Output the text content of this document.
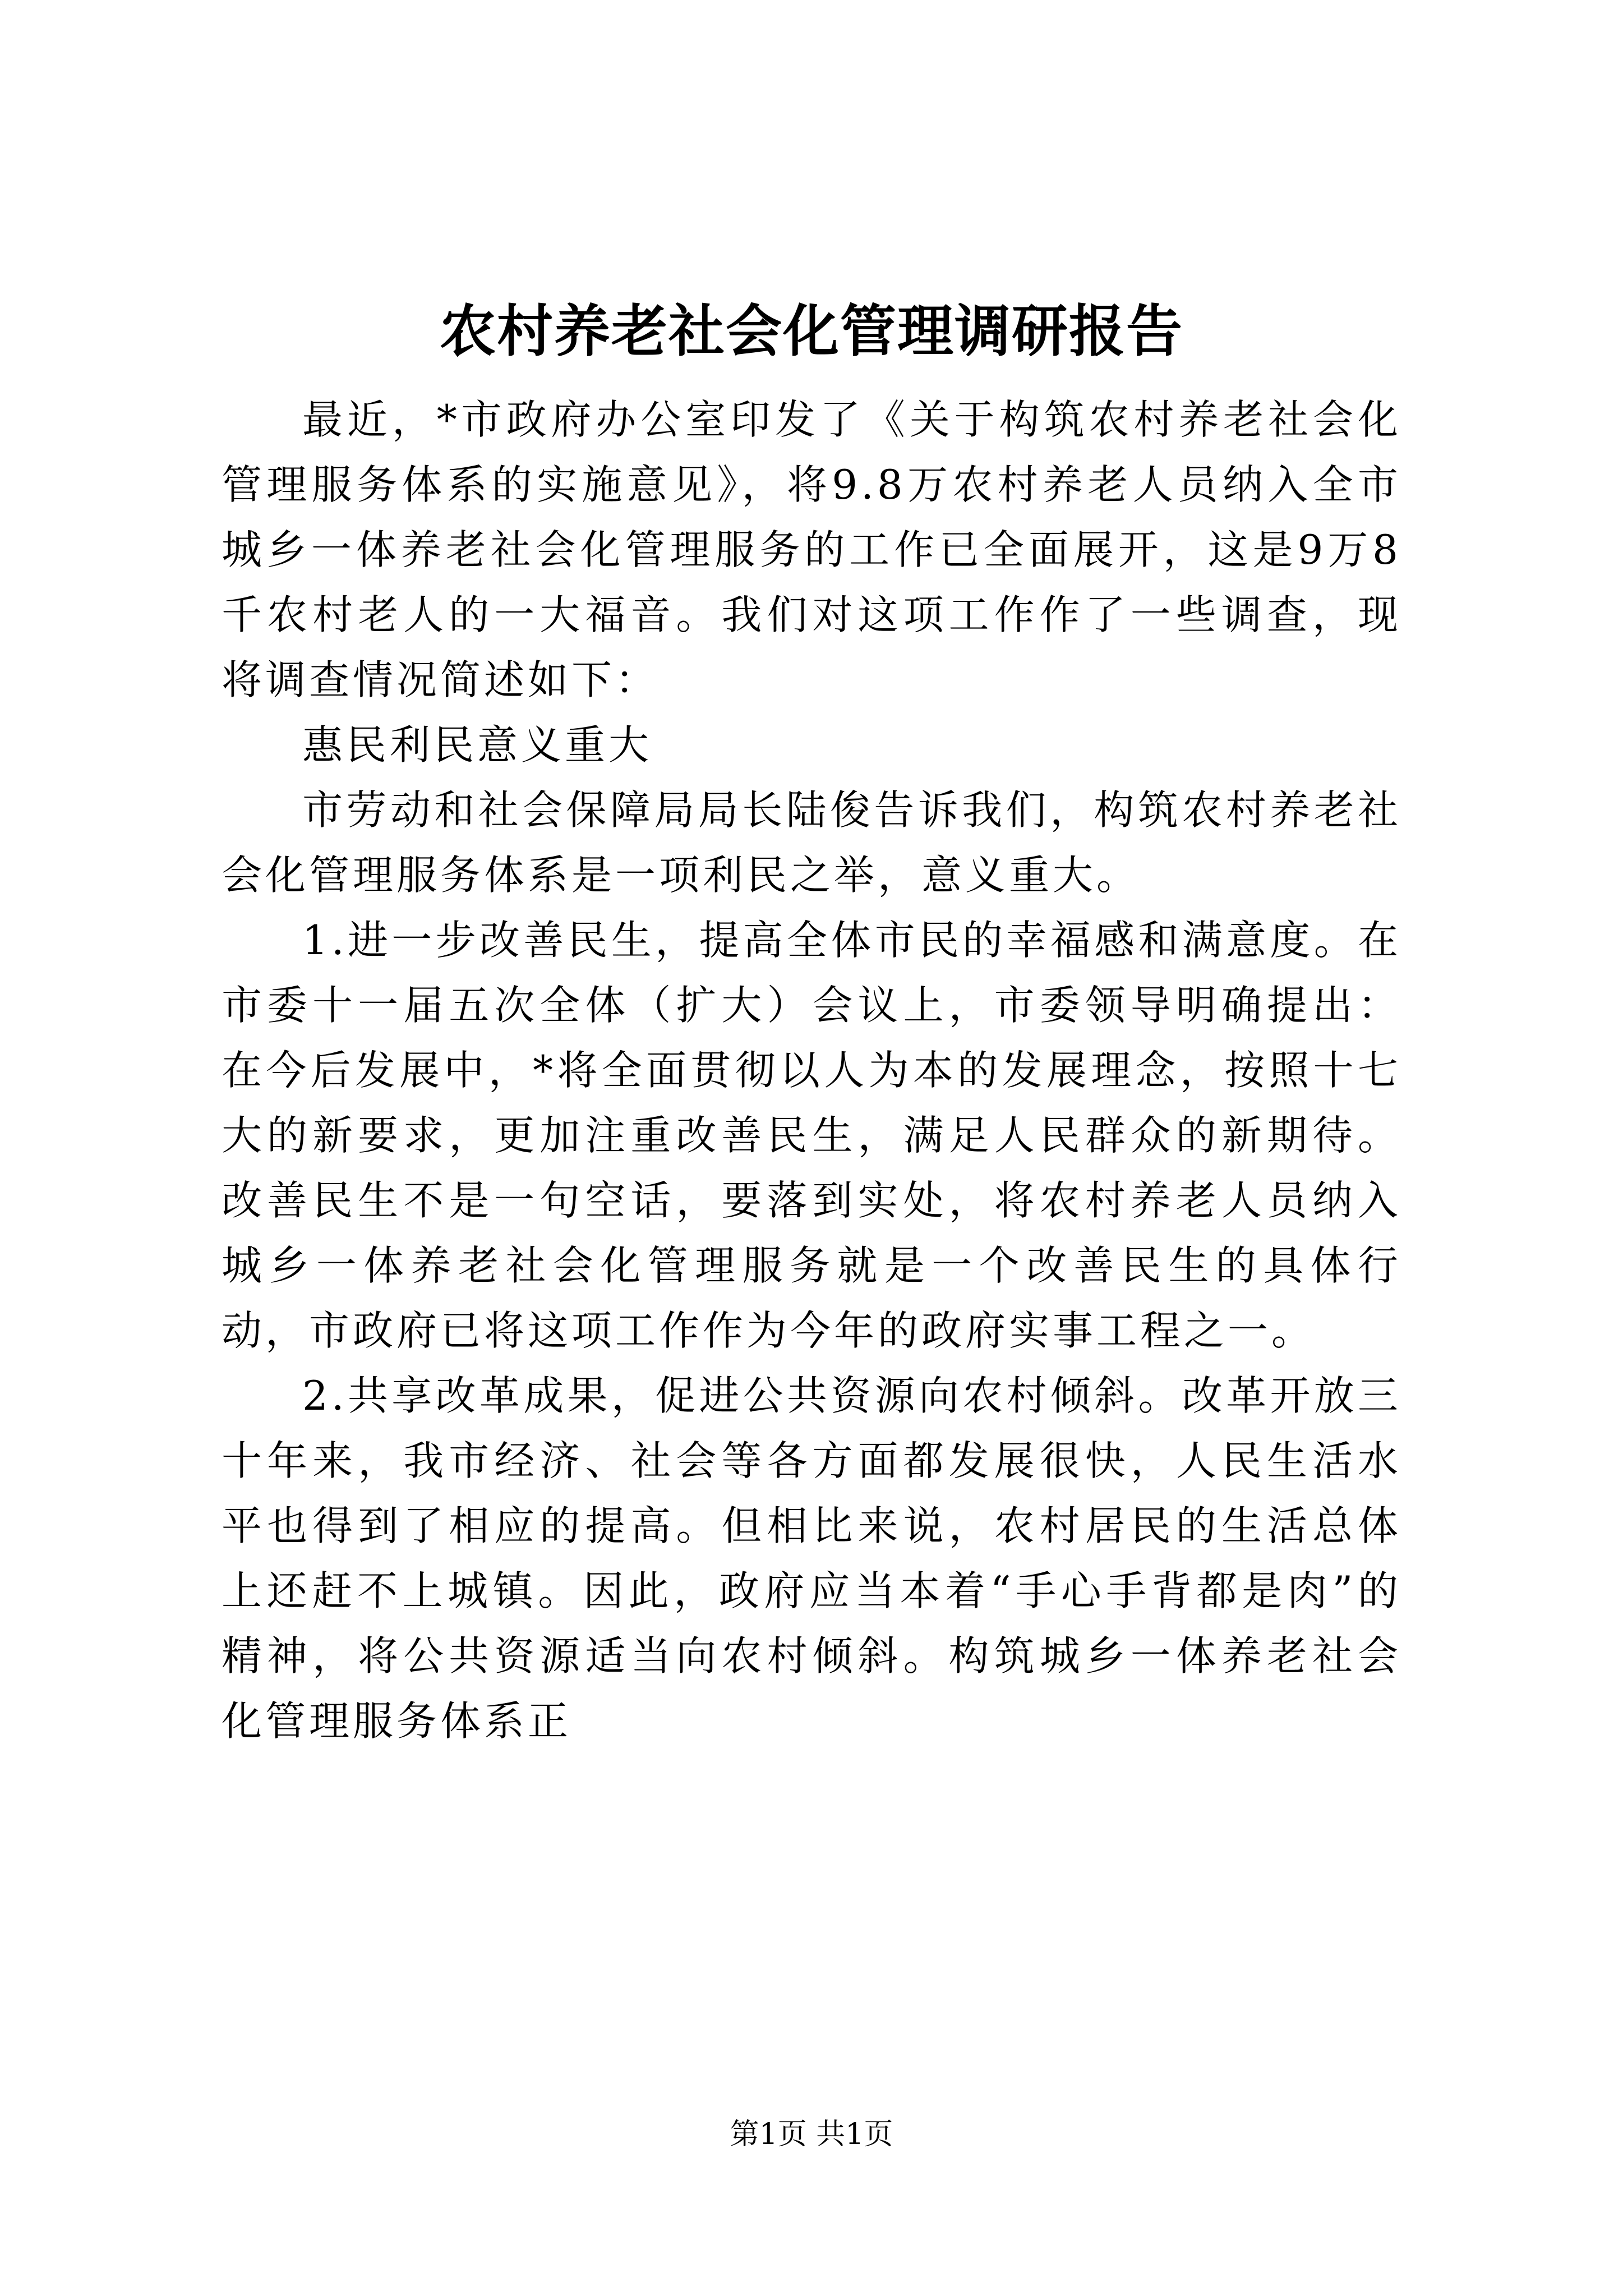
农村养老社会化管理调研报告

最近，*市政府办公室印发了《关于构筑农村养老社会化管理服务体系的实施意见》，将9.8万农村养老人员纳入全市城乡一体养老社会化管理服务的工作已全面展开，这是9万8千农村老人的一大福音。我们对这项工作作了一些调查，现将调查情况简述如下：

惠民利民意义重大

市劳动和社会保障局局长陆俊告诉我们，构筑农村养老社会化管理服务体系是一项利民之举，意义重大。

1.进一步改善民生，提高全体市民的幸福感和满意度。在市委十一届五次全体（扩大）会议上，市委领导明确提出：在今后发展中，*将全面贯彻以人为本的发展理念，按照十七大的新要求，更加注重改善民生，满足人民群众的新期待。改善民生不是一句空话，要落到实处，将农村养老人员纳入城乡一体养老社会化管理服务就是一个改善民生的具体行动，市政府已将这项工作作为今年的政府实事工程之一。

2.共享改革成果，促进公共资源向农村倾斜。改革开放三十年来，我市经济、社会等各方面都发展很快，人民生活水平也得到了相应的提高。但相比来说，农村居民的生活总体上还赶不上城镇。因此，政府应当本着“手心手背都是肉”的精神，将公共资源适当向农村倾斜。构筑城乡一体养老社会化管理服务体系正

第1页 共1页
